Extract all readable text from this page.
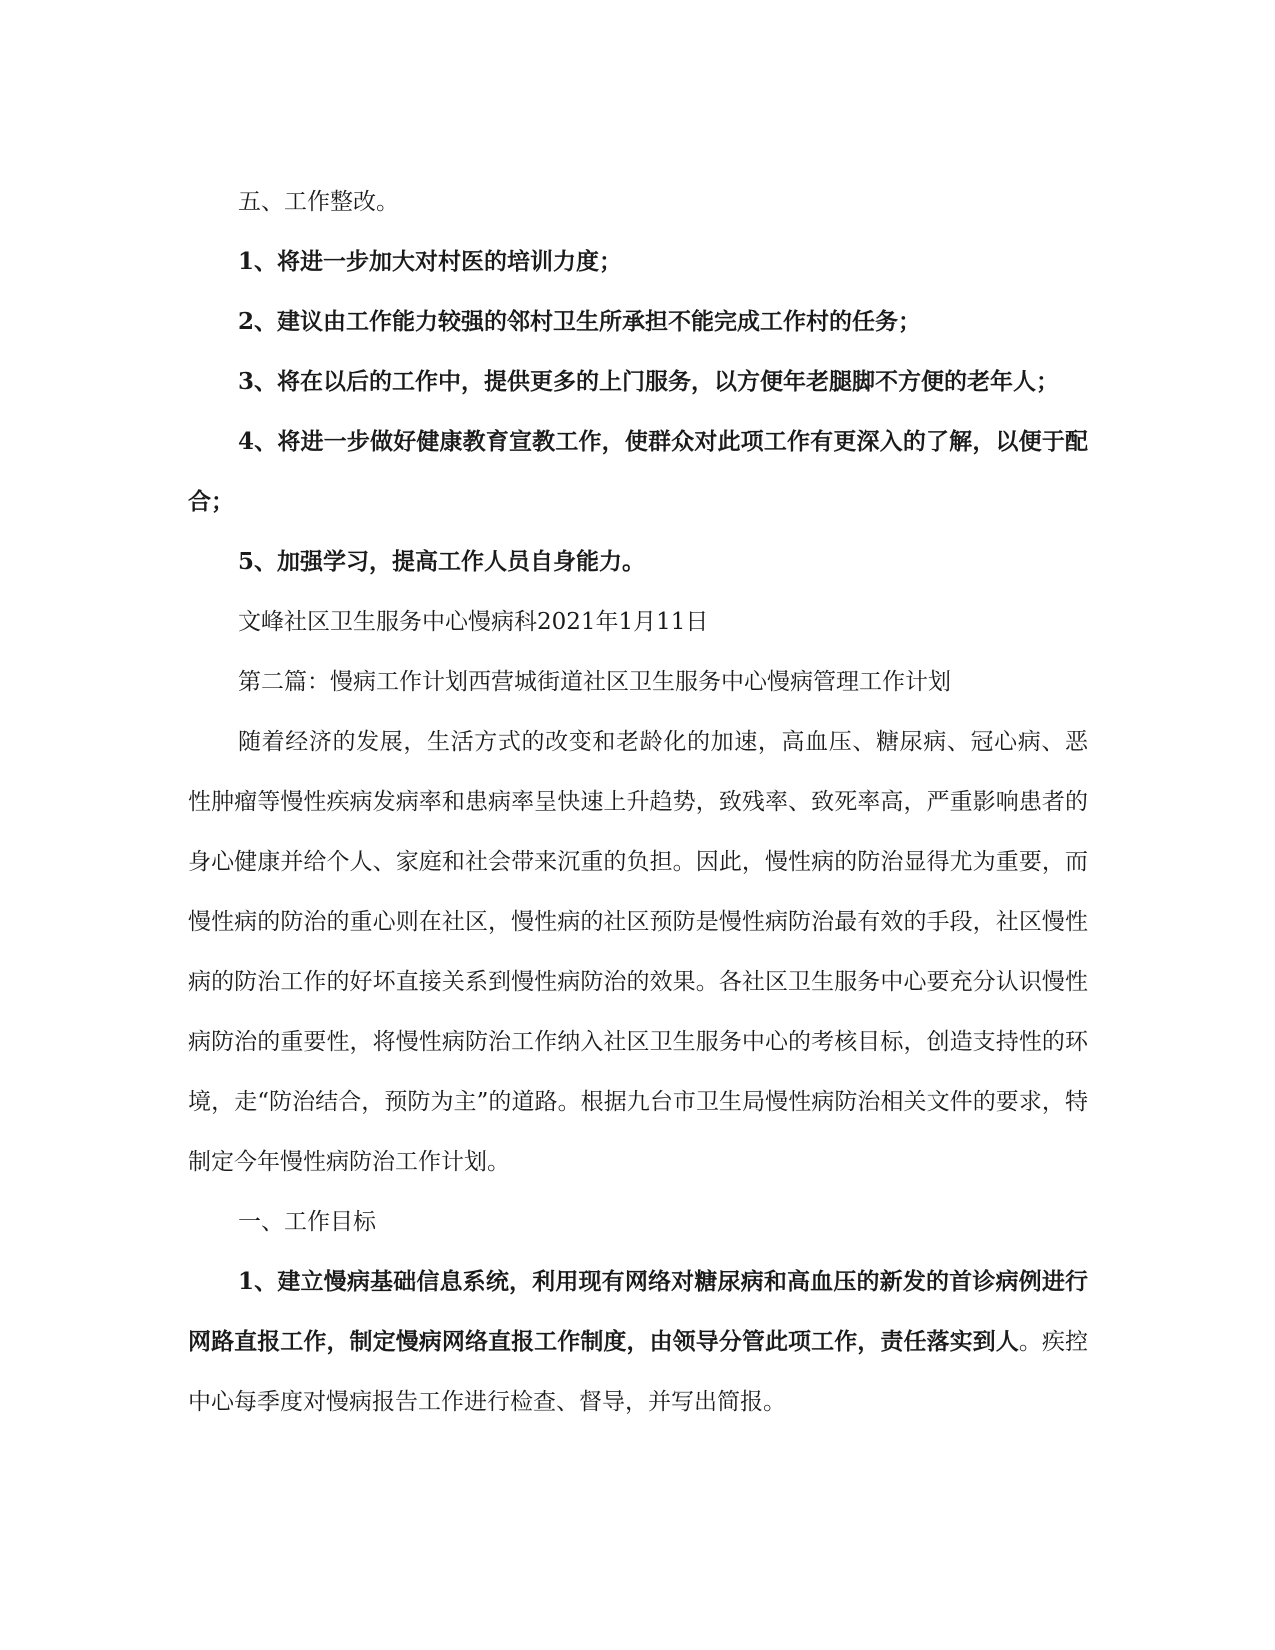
五、工作整改。

1、将进一步加大对村医的培训力度；

2、建议由工作能力较强的邻村卫生所承担不能完成工作村的任务；

3、将在以后的工作中，提供更多的上门服务，以方便年老腿脚不方便的老年人；

4、将进一步做好健康教育宣教工作，使群众对此项工作有更深入的了解，以便于配合；

5、加强学习，提高工作人员自身能力。

文峰社区卫生服务中心慢病科2021年1月11日

第二篇：慢病工作计划西营城街道社区卫生服务中心慢病管理工作计划

随着经济的发展，生活方式的改变和老龄化的加速，高血压、糖尿病、冠心病、恶性肿瘤等慢性疾病发病率和患病率呈快速上升趋势，致残率、致死率高，严重影响患者的身心健康并给个人、家庭和社会带来沉重的负担。因此，慢性病的防治显得尤为重要，而慢性病的防治的重心则在社区，慢性病的社区预防是慢性病防治最有效的手段，社区慢性病的防治工作的好坏直接关系到慢性病防治的效果。各社区卫生服务中心要充分认识慢性病防治的重要性，将慢性病防治工作纳入社区卫生服务中心的考核目标，创造支持性的环境，走“防治结合，预防为主”的道路。根据九台市卫生局慢性病防治相关文件的要求，特制定今年慢性病防治工作计划。

一、工作目标

1、建立慢病基础信息系统，利用现有网络对糖尿病和高血压的新发的首诊病例进行网路直报工作，制定慢病网络直报工作制度，由领导分管此项工作，责任落实到人。疾控中心每季度对慢病报告工作进行检查、督导，并写出简报。
